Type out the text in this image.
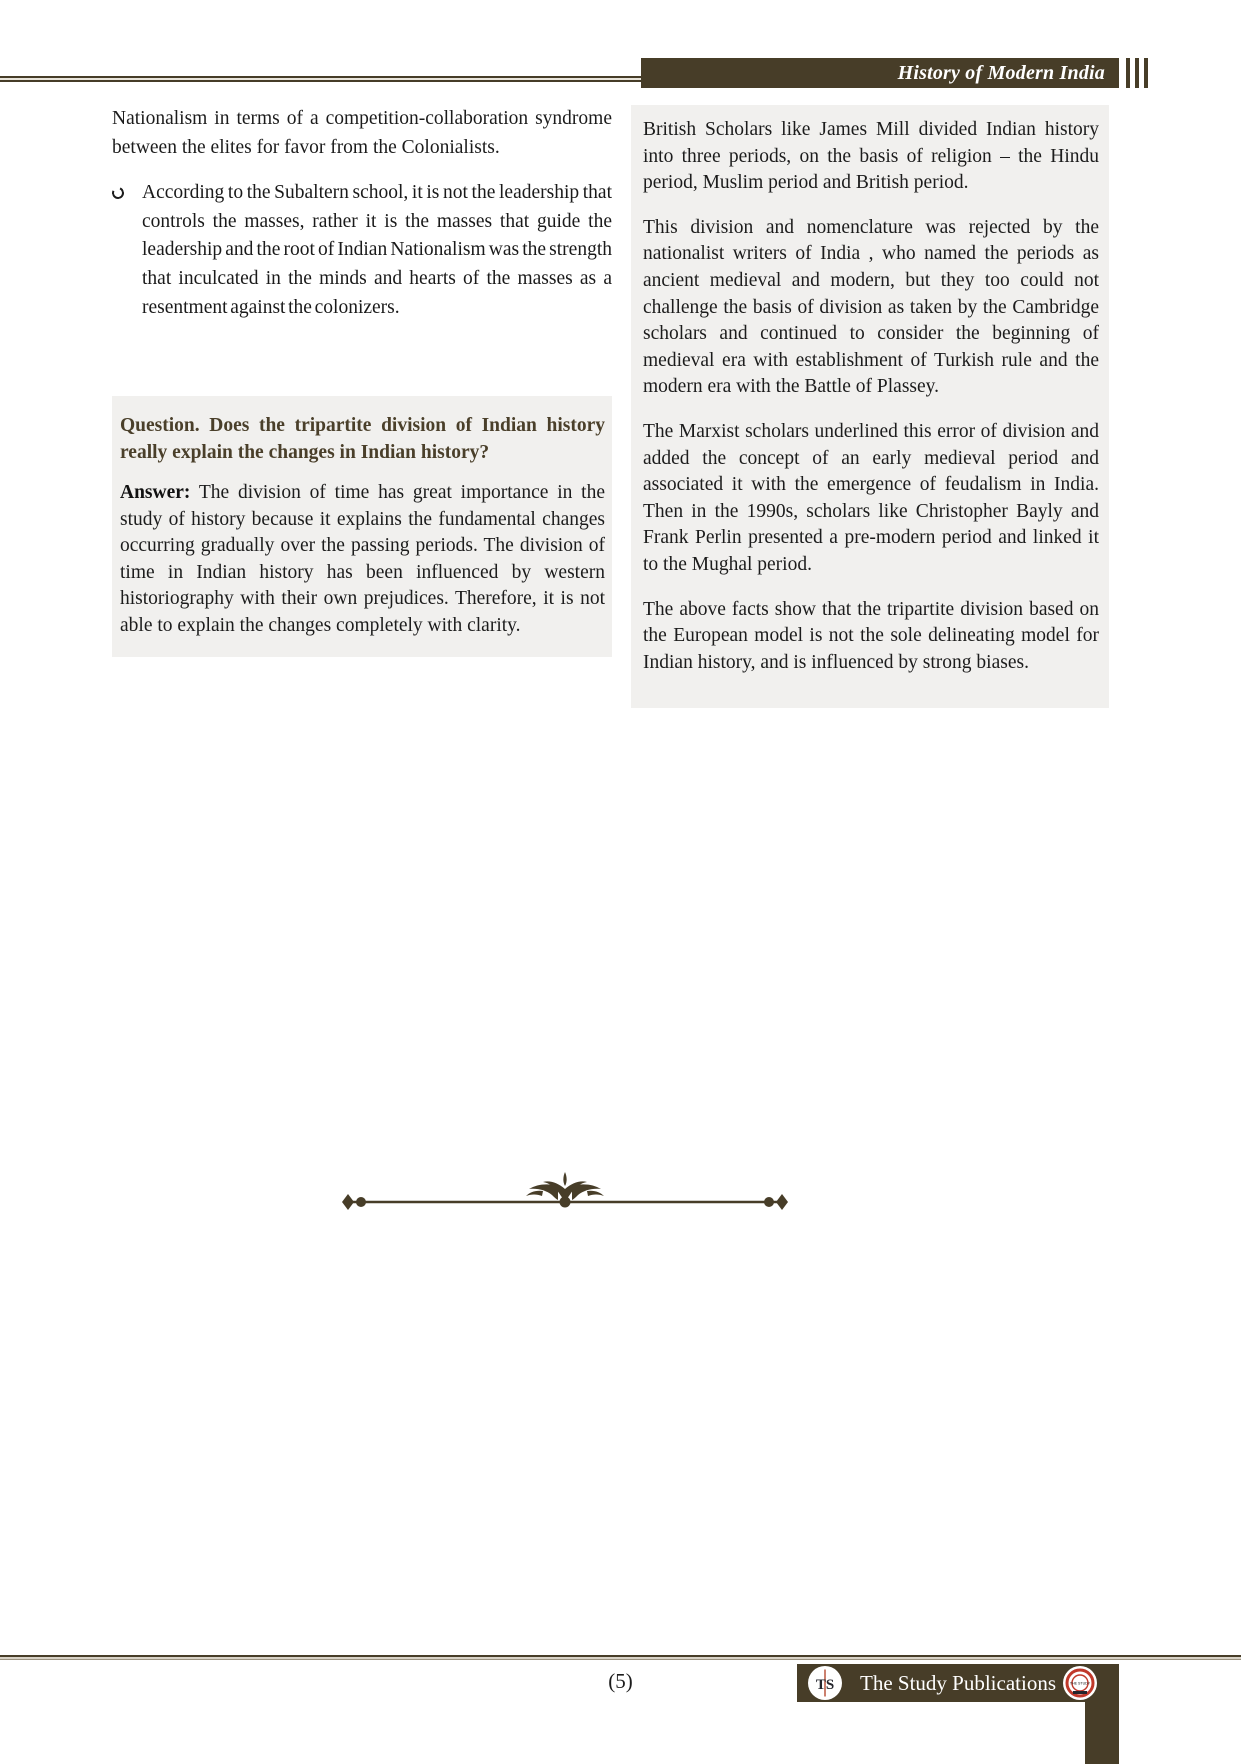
History of Modern India

Nationalism in terms of a competition-collaboration syndrome between the elites for favor from the Colonialists.

According to the Subaltern school, it is not the leadership that controls the masses, rather it is the masses that guide the leadership and the root of Indian Nationalism was the strength that inculcated in the minds and hearts of the masses as a resentment against the colonizers.

Question. Does the tripartite division of Indian history really explain the changes in Indian history?

Answer: The division of time has great importance in the study of history because it explains the fundamental changes occurring gradually over the passing periods. The division of time in Indian history has been influenced by western historiography with their own prejudices. Therefore, it is not able to explain the changes completely with clarity.

British Scholars like James Mill divided Indian history into three periods, on the basis of religion – the Hindu period, Muslim period and British period.

This division and nomenclature was rejected by the nationalist writers of India , who named the periods as ancient medieval and modern, but they too could not challenge the basis of division as taken by the Cambridge scholars and continued to consider the beginning of medieval era with establishment of Turkish rule and the modern era with the Battle of Plassey.

The Marxist scholars underlined this error of division and added the concept of an early medieval period and associated it with the emergence of feudalism in India. Then in the 1990s, scholars like Christopher Bayly and Frank Perlin presented a pre-modern period and linked it to the Mughal period.

The above facts show that the tripartite division based on the European model is not the sole delineating model for Indian history, and is influenced by strong biases.

(5)	TS The Study Publications	THE STUDY
